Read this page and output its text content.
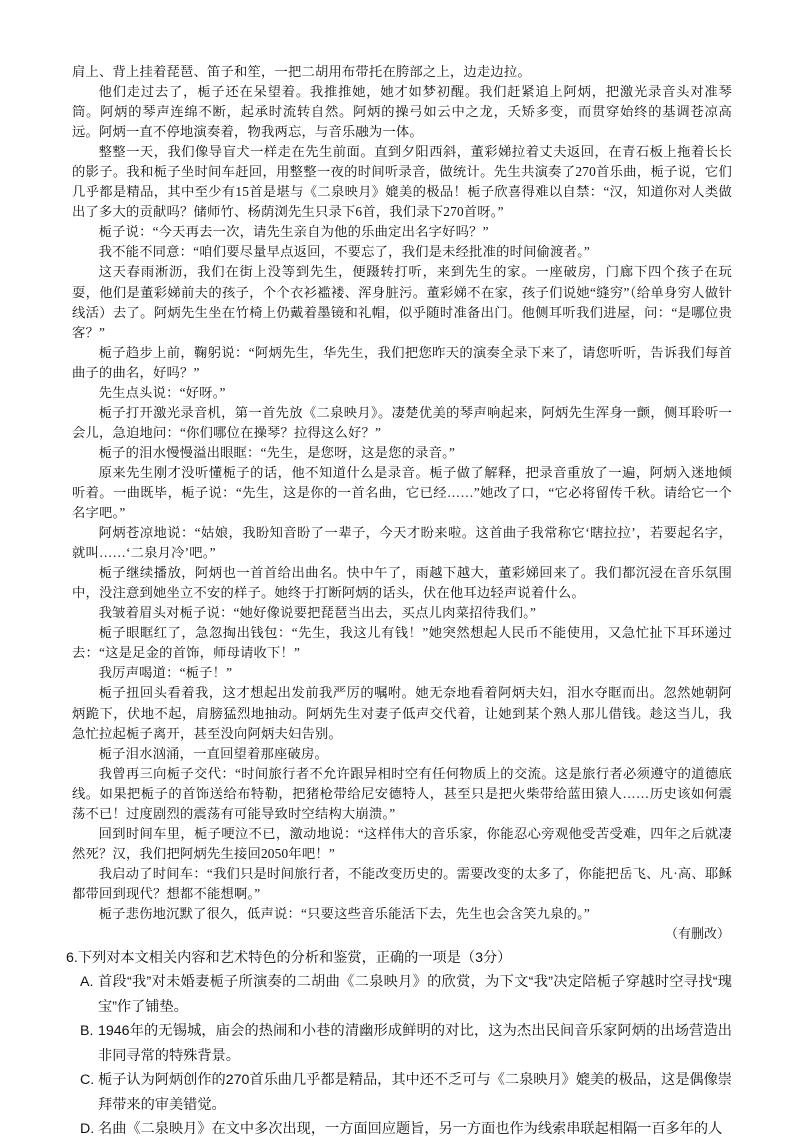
肩上、背上挂着琵琶、笛子和笙，一把二胡用布带托在胯部之上，边走边拉。

他们走过去了，栀子还在呆望着。我推推她，她才如梦初醒。我们赶紧追上阿炳，把激光录音头对准琴筒。阿炳的琴声连绵不断，起承时流转自然。阿炳的操弓如云中之龙，夭矫多变，而贯穿始终的基调苍凉高远。阿炳一直不停地演奏着，物我两忘，与音乐融为一体。

整整一天，我们像导盲犬一样走在先生前面。直到夕阳西斜，董彩娣拉着丈夫返回，在青石板上拖着长长的影子。我和栀子坐时间车赶回，用整整一夜的时间听录音，做统计。先生共演奏了270首乐曲，栀子说，它们几乎都是精品，其中至少有15首是堪与《二泉映月》媲美的极品！栀子欣喜得难以自禁：“汉，知道你对人类做出了多大的贡献吗？储师竹、杨荫浏先生只录下6首，我们录下270首呀。”

栀子说：“今天再去一次，请先生亲自为他的乐曲定出名字好吗？”

我不能不同意：“咱们要尽量早点返回，不要忘了，我们是未经批准的时间偷渡者。”

这天春雨淅沥，我们在街上没等到先生，便蹑转打听，来到先生的家。一座破房，门廊下四个孩子在玩耍，他们是董彩娣前夫的孩子，个个衣衫褴褛、浑身脏污。董彩娣不在家，孩子们说她“缝穷”（给单身穷人做针线活）去了。阿炳先生坐在竹椅上仍戴着墨镜和礼帽，似乎随时准备出门。他侧耳听我们进屋，问：“是哪位贵客？”

栀子趋步上前，鞠躬说：“阿炳先生，华先生，我们把您昨天的演奏全录下来了，请您听听，告诉我们每首曲子的曲名，好吗？”

先生点头说：“好呀。”

栀子打开激光录音机，第一首先放《二泉映月》。凄楚优美的琴声响起来，阿炳先生浑身一颤，侧耳聆听一会儿，急迫地问：“你们哪位在操琴？拉得这么好？”

栀子的泪水慢慢溢出眼眶：“先生，是您呀，这是您的录音。”

原来先生刚才没听懂栀子的话，他不知道什么是录音。栀子做了解释，把录音重放了一遍，阿炳入迷地倾听着。一曲既毕，栀子说：“先生，这是你的一首名曲，它已经……”她改了口，“它必将留传千秋。请给它一个名字吧。”

阿炳苍凉地说：“姑娘，我盼知音盼了一辈子，今天才盼来啦。这首曲子我常称它‘瞎拉拉’，若要起名字，就叫……‘二泉月冷’吧。”

栀子继续播放，阿炳也一首首给出曲名。快中午了，雨越下越大，董彩娣回来了。我们都沉浸在音乐氛围中，没注意到她坐立不安的样子。她终于打断阿炳的话头，伏在他耳边轻声说着什么。

我皱着眉头对栀子说：“她好像说要把琵琶当出去，买点儿肉菜招待我们。”

栀子眼眶红了，急忽掏出钱包：“先生，我这儿有钱！”她突然想起人民币不能使用，又急忙扯下耳环递过去：“这是足金的首饰，师母请收下！”

我厉声喝道：“栀子！”

栀子扭回头看着我，这才想起出发前我严厉的嘱咐。她无奈地看着阿炳夫妇，泪水夺眶而出。忽然她朝阿炳跪下，伏地不起，肩膀猛烈地抽动。阿炳先生对妻子低声交代着，让她到某个熟人那儿借钱。趁这当儿，我急忙拉起栀子离开，甚至没向阿炳夫妇告别。

栀子泪水汹涌，一直回望着那座破房。

我曾再三向栀子交代：“时间旅行者不允许跟异相时空有任何物质上的交流。这是旅行者必须遵守的道德底线。如果把栀子的首饰送给布特勒，把猪枪带给尼安德特人，甚至只是把火柴带给蓝田猿人……历史该如何震荡不已！过度剧烈的震荡有可能导致时空结构大崩溃。”

回到时间车里，栀子哽泣不已，激动地说：“这样伟大的音乐家，你能忍心旁观他受苦受难，四年之后就凄然死？汉，我们把阿炳先生接回2050年吧！”

我启动了时间车：“我们只是时间旅行者，不能改变历史的。需要改变的太多了，你能把岳飞、凡·高、耶稣都带回到现代？想都不能想啊。”

栀子悲伤地沉默了很久，低声说：“只要这些音乐能活下去，先生也会含笑九泉的。”

（有删改）

6.下列对本文相关内容和艺术特色的分析和鉴赏，正确的一项是（3分）

A. 首段“我”对未婚妻栀子所演奏的二胡曲《二泉映月》的欣赏，为下文“我”决定陪栀子穿越时空寻找“瑰宝”作了铺垫。
B. 1946年的无锡城，庙会的热闹和小巷的清幽形成鲜明的对比，这为杰出民间音乐家阿炳的出场营造出非同寻常的特殊背景。
C. 栀子认为阿炳创作的270首乐曲几乎都是精品，其中还不乏可与《二泉映月》媲美的极品，这是偶像崇拜带来的审美错觉。
D. 名曲《二泉映月》在文中多次出现，一方面回应题旨，另一方面也作为线索串联起相隔一百多年的人
